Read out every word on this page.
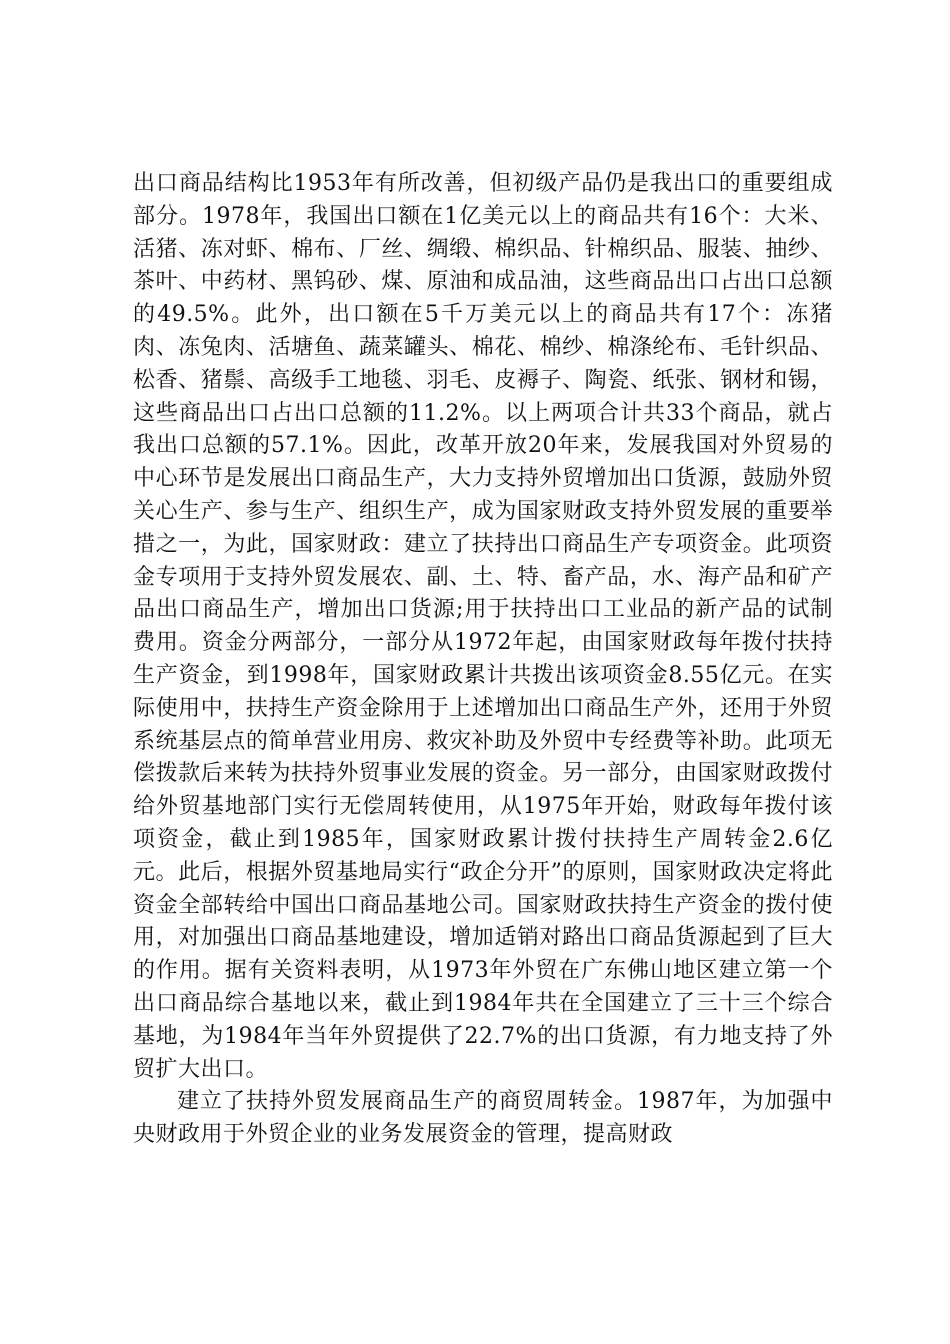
出口商品结构比1953年有所改善，但初级产品仍是我出口的重要组成部分。1978年，我国出口额在1亿美元以上的商品共有16个：大米、活猪、冻对虾、棉布、厂丝、绸缎、棉织品、针棉织品、服装、抽纱、茶叶、中药材、黑钨砂、煤、原油和成品油，这些商品出口占出口总额的49.5%。此外，出口额在5千万美元以上的商品共有17个：冻猪肉、冻兔肉、活塘鱼、蔬菜罐头、棉花、棉纱、棉涤纶布、毛针织品、松香、猪鬃、高级手工地毯、羽毛、皮褥子、陶瓷、纸张、钢材和锡，这些商品出口占出口总额的11.2%。以上两项合计共33个商品，就占我出口总额的57.1%。因此，改革开放20年来，发展我国对外贸易的中心环节是发展出口商品生产，大力支持外贸增加出口货源，鼓励外贸关心生产、参与生产、组织生产，成为国家财政支持外贸发展的重要举措之一，为此，国家财政：建立了扶持出口商品生产专项资金。此项资金专项用于支持外贸发展农、副、土、特、畜产品，水、海产品和矿产品出口商品生产，增加出口货源;用于扶持出口工业品的新产品的试制费用。资金分两部分，一部分从1972年起，由国家财政每年拨付扶持生产资金，到1998年，国家财政累计共拨出该项资金8.55亿元。在实际使用中，扶持生产资金除用于上述增加出口商品生产外，还用于外贸系统基层点的简单营业用房、救灾补助及外贸中专经费等补助。此项无偿拨款后来转为扶持外贸事业发展的资金。另一部分，由国家财政拨付给外贸基地部门实行无偿周转使用，从1975年开始，财政每年拨付该项资金，截止到1985年，国家财政累计拨付扶持生产周转金2.6亿元。此后，根据外贸基地局实行“政企分开”的原则，国家财政决定将此资金全部转给中国出口商品基地公司。国家财政扶持生产资金的拨付使用，对加强出口商品基地建设，增加适销对路出口商品货源起到了巨大的作用。据有关资料表明，从1973年外贸在广东佛山地区建立第一个出口商品综合基地以来，截止到1984年共在全国建立了三十三个综合基地，为1984年当年外贸提供了22.7%的出口货源，有力地支持了外贸扩大出口。

建立了扶持外贸发展商品生产的商贸周转金。1987年，为加强中央财政用于外贸企业的业务发展资金的管理，提高财政
